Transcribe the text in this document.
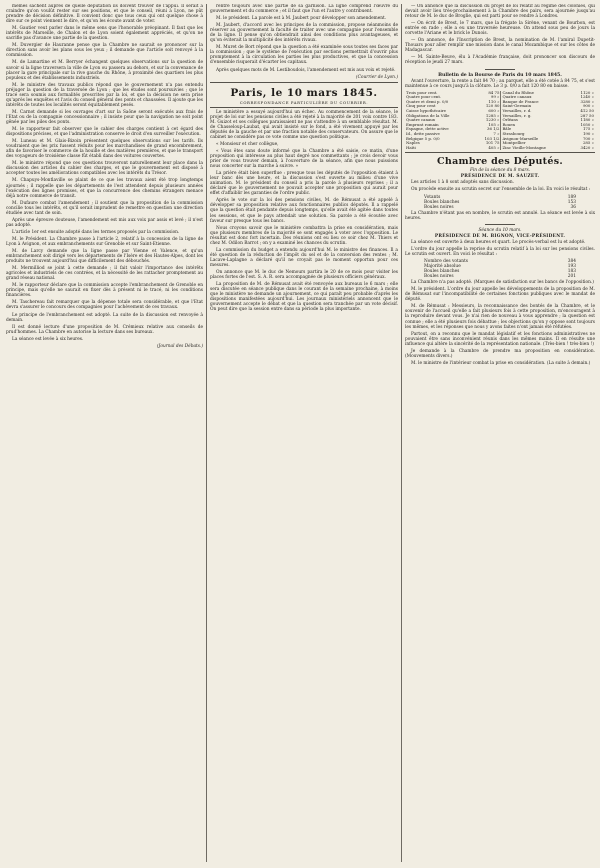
mêmes sachent auprès de quelle députation ils doivent trouver de l'appui. Il serait à craindre qu'on voulût rester sur ses positions, et que le conseil, réuni à Lyon, ne pût prendre de décision définitive. Il convient donc que tous ceux qui ont quelque chose à dire sur ce point viennent le dire, et qu'on les écoute avant de voter.

M. Gautier veut parler dans le même sens que l'honorable préopinant. Il faut que les intérêts de Marseille, de Chalon et de Lyon soient également appréciés, et qu'on ne sacrifie pas d'avance une partie de la question.

M. Duvergier de Hauranne pense que la Chambre ne saurait se prononcer sur la direction sans avoir les plans sous les yeux ; il demande que l'article soit renvoyé à la commission.

M. de Lamartine et M. Berryer échangent quelques observations sur la question de savoir si la ligne traversera la ville de Lyon ou passera au dehors, et sur la convenance de placer la gare principale sur la rive gauche du Rhône, à proximité des quartiers les plus populeux et des établissements industriels.

M. le ministre des travaux publics répond que le gouvernement n'a pas entendu préjuger la question de la traversée de Lyon ; que les études sont poursuivies ; que le tracé sera soumis aux formalités prescrites par la loi, et que la décision ne sera prise qu'après les enquêtes et l'avis du conseil général des ponts et chaussées. Il ajoute que les intérêts de toutes les localités seront équitablement pesés.

M. Carnot demande si les ouvrages d'art sur la Saône seront exécutés aux frais de l'Etat ou de la compagnie concessionnaire ; il insiste pour que la navigation ne soit point gênée par les piles des ponts.

M. le rapporteur fait observer que le cahier des charges contient à cet égard des dispositions précises, et que l'administration conserve le droit d'en surveiller l'exécution.

M. Luneau et M. Glais-Bizoin présentent quelques observations sur les tarifs. Ils voudraient que les prix fussent réduits pour les marchandises de grand encombrement, afin de favoriser le commerce de la houille et des matières premières, et que le transport des voyageurs de troisième classe fût établi dans des voitures couvertes.

M. le ministre répond que ces questions trouveront naturellement leur place dans la discussion des articles du cahier des charges, et que le gouvernement est disposé à accepter toutes les améliorations compatibles avec les intérêts du Trésor.

M. Chapuys-Montlaville se plaint de ce que les travaux aient été trop longtemps ajournés ; il rappelle que les départements de l'est attendent depuis plusieurs années l'exécution des lignes promises, et que la concurrence des chemins étrangers menace déjà notre commerce de transit.

M. Dufaure combat l'amendement ; il soutient que la proposition de la commission concilie tous les intérêts, et qu'il serait imprudent de remettre en question une direction étudiée avec tant de soin.

Après une épreuve douteuse, l'amendement est mis aux voix par assis et levé ; il n'est pas adopté.

L'article 1er est ensuite adopté dans les termes proposés par la commission.

M. le Président. La Chambre passe à l'article 2, relatif à la concession de la ligne de Lyon à Avignon, et aux embranchements sur Grenoble et sur Saint-Etienne.

M. de Larcy demande que la ligne passe par Vienne et Valence, et qu'un embranchement soit dirigé vers les départements de l'Isère et des Hautes-Alpes, dont les produits ne trouvent aujourd'hui que difficilement des débouchés.

M. Mermilliod se joint à cette demande ; il fait valoir l'importance des intérêts agricoles et industriels de ces contrées, et la nécessité de les rattacher promptement au grand réseau national.

M. le rapporteur déclare que la commission accepte l'embranchement de Grenoble en principe, mais qu'elle ne saurait en fixer dès à présent ni le tracé, ni les conditions financières.

M. Taschereau fait remarquer que la dépense totale sera considérable, et que l'Etat devra s'assurer le concours des compagnies pour l'achèvement de ces travaux.

Le principe de l'embranchement est adopté. La suite de la discussion est renvoyée à demain.

Il est donné lecture d'une proposition de M. Crémieux relative aux conseils de prud'hommes. La Chambre en autorise la lecture dans ses bureaux.

La séance est levée à six heures.

(Journal des Débats.)

rentre toujours avec une partie de sa garnison. La ligne comprend l'œuvre du gouvernement et du commerce ; et il faut que l'un et l'autre y contribuent.

M. le président. La parole est à M. Jaubert pour développer son amendement.

M. Jaubert, d'accord avec les principes de la commission, propose néanmoins de réserver au gouvernement la faculté de traiter avec une compagnie pour l'ensemble de la ligne. Il pense qu'on obtiendrait ainsi des conditions plus avantageuses, et qu'on éviterait la multiplicité des intérêts rivaux.

M. Muret de Bort répond que la question a été examinée sous toutes ses faces par la commission ; que le système de l'exécution par sections permettrait d'ouvrir plus promptement à la circulation les parties les plus productives, et que la concession d'ensemble risquerait d'écarter les capitaux.

Après quelques mots de M. Lestiboudois, l'amendement est mis aux voix et rejeté.

(Courrier de Lyon.)
Paris, le 10 mars 1845.
CORRESPONDANCE PARTICULIÈRE DU COURRIER.

Le ministère a essuyé aujourd'hui un échec. Au commencement de la séance, le projet de loi sur les pensions civiles a été rejeté à la majorité de 201 voix contre 183. M. Guizot et ses collègues paraissaient ne pas s'attendre à un semblable résultat. M. de Chasseloup-Laubat, qui avait insisté sur le fond, a été vivement appuyé par les députés de la gauche et par une fraction notable des conservateurs. On assure que le cabinet ne considère pas ce vote comme une question politique.

« Monsieur et cher collègue,

« Vous êtes sans doute informé que la Chambre a été saisie, ce matin, d'une proposition qui intéresse au plus haut degré nos commettants ; je crois devoir vous prier de vous trouver demain, à l'ouverture de la séance, afin que nous puissions nous concerter sur la marche à suivre. »

La prière était bien superflue : presque tous les députés de l'opposition étaient à leur banc dès une heure, et la discussion s'est ouverte au milieu d'une vive animation. M. le président du conseil a pris la parole à plusieurs reprises ; il a déclaré que le gouvernement ne pouvait accepter une proposition qui aurait pour effet d'affaiblir les garanties de l'ordre public.

Après le vote sur la loi des pensions civiles, M. de Rémusat a été appelé à développer sa proposition relative aux fonctionnaires publics députés. Il a rappelé que la question était pendante depuis longtemps, qu'elle avait été agitée dans toutes les sessions, et que le pays attendait une solution. Sa parole a été écoutée avec faveur sur presque tous les bancs.

Nous croyons savoir que le ministère combattra la prise en considération, mais que plusieurs membres de la majorité se sont engagés à voter avec l'opposition. Le résultat est donc fort incertain. Des réunions ont eu lieu ce soir chez M. Thiers et chez M. Odilon Barrot ; on y a examiné les chances du scrutin.

La commission du budget a entendu aujourd'hui M. le ministre des finances. Il a été question de la réduction de l'impôt du sel et de la conversion des rentes ; M. Lacave-Laplagne a déclaré qu'il ne croyait pas le moment opportun pour ces mesures.

On annonce que M. le duc de Nemours partira le 20 de ce mois pour visiter les places fortes de l'est. S. A. R. sera accompagnée de plusieurs officiers généraux.

La proposition de M. de Rémusat avait été renvoyée aux bureaux le 6 mars ; elle sera discutée en séance publique dans le courant de la semaine prochaine, à moins que le ministère ne demande un ajournement, ce qui paraît peu probable d'après les dispositions manifestées aujourd'hui. Les journaux ministériels annoncent que le gouvernement accepte le débat et que la question sera tranchée par un vote décisif. On peut dire que la session entre dans sa période la plus importante.

— On annonce que la discussion du projet de loi relatif au régime des colonies, qui devait avoir lieu très-prochainement à la Chambre des pairs, sera ajournée jusqu'au retour de M. le duc de Broglie, qui est parti pour se rendre à Londres.

— On écrit de Brest, le 7 mars, que la frégate la Sirène, venant de Bourbon, est entrée en rade ; elle a eu une traversée heureuse. On attend sous peu de jours la corvette l'Ariane et le brick le Dunois.

— On annonce, de l'Inscription de Brest, la nomination de M. l'amiral Dupetit-Thouars pour aller remplir une mission dans le canal Mozambique et sur les côtes de Madagascar.

— M. Sainte-Beuve, élu à l'Académie française, doit prononcer son discours de réception le jeudi 27 mars.

Bulletin de la Bourse de Paris du 10 mars 1845.

Avant l'ouverture, la rente a fait 84 70 ; au parquet, elle a été cotée à 84 75, et s'est maintenue à ce cours jusqu'à la clôture. Le 3 p. 0/0 a fait 120 80 en baisse.

Trois pour cent.	84 75	Canal du Rhône	1120 »
Quatre pour cent.	99 »	Quatre canaux	1240 »
Quatre et demi p. 0/0	110 »	Banque de France	3280 »
Cinq pour cent	120 80	Saint-Germain	900 »
Caisse hypothécaire	600 »	Versailles, r. d.	412 50
Obligations de la Ville	1285 »	Versailles, r. g.	287 50
Quatre canaux	1230 »	Orléans	1180 »
Emprunt romain	105 »	Rouen	1050 »
Espagne, dette active	36 1/2	Bâle	175 »
Id., dette passive	7 »	Strasbourg	190 »
Belgique 5 p. 0/0	103 1/2	Avignon-Marseille	700 »
Naples	101 75	Montpellier	285 »
Haïti	405 »	Zinc Vieille-Montagne	3420 »
Chambre des Députés.
Fin de la séance du 8 mars.
PRÉSIDENCE DE M. SAUZET.

Les articles 1 à 8 sont adoptés sans discussion.

On procède ensuite au scrutin secret sur l'ensemble de la loi. En voici le résultat :

Votants	189
Boules blanches	153
Boules noires	36

La Chambre n'étant pas en nombre, le scrutin est annulé. La séance est levée à six heures.

Séance du 10 mars.
PRÉSIDENCE DE M. BIGNON, VICE-PRÉSIDENT.

La séance est ouverte à deux heures et quart. Le procès-verbal est lu et adopté.

L'ordre du jour appelle la reprise du scrutin relatif à la loi sur les pensions civiles. Le scrutin est ouvert. En voici le résultat :

Nombre des votants	384
Majorité absolue	193
Boules blanches	183
Boules noires	201

La Chambre n'a pas adopté. (Marques de satisfaction sur les bancs de l'opposition.)

M. le président. L'ordre du jour appelle les développements de la proposition de M. de Rémusat sur l'incompatibilité de certaines fonctions publiques avec le mandat de député.

M. de Rémusat : Messieurs, la reconnaissance des bontés de la Chambre, et le souvenir de l'accueil qu'elle a fait plusieurs fois à cette proposition, m'encouragent à la reproduire devant vous. Je n'ai rien de nouveau à vous apprendre ; la question est connue ; elle a été plusieurs fois débattue ; les objections qu'on y oppose sont toujours les mêmes, et les réponses que nous y avons faites n'ont jamais été réfutées.

Partout, on a reconnu que le mandat législatif et les fonctions administratives ne pouvaient être sans inconvénient réunis dans les mêmes mains. Il en résulte une influence qui altère la sincérité de la représentation nationale. (Très-bien ! très-bien !)

Je demande à la Chambre de prendre ma proposition en considération. (Mouvements divers.)

M. le ministre de l'intérieur combat la prise en considération. (La suite à demain.)
